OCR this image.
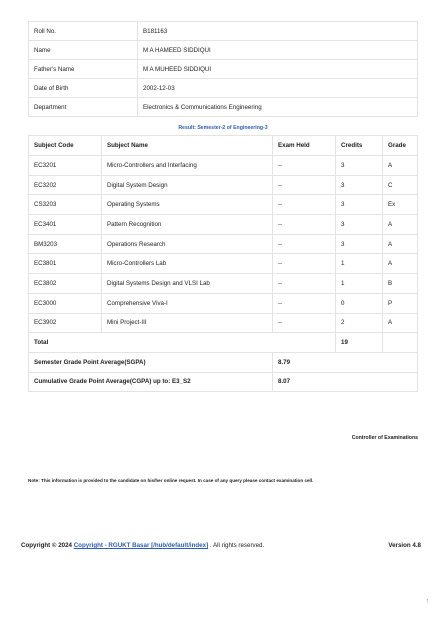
Roll No.	B181163
Name	M A HAMEED SIDDIQUI
Father's Name	M A MUHEED SIDDIQUI
Date of Birth	2002-12-03
Department	Electronics & Communications Engineering
Result: Semester-2 of Engineering-3
Subject Code	Subject Name	Exam Held	Credits	Grade
EC3201	Micro-Controllers and Interfacing	--	3	A
EC3202	Digital System Design	--	3	C
CS3203	Operating Systems	--	3	Ex
EC3401	Pattern Recognition	--	3	A
BM3203	Operations Research	--	3	A
EC3801	Micro-Controllers Lab	--	1	A
EC3802	Digital Systems Design and VLSI Lab	--	1	B
EC3000	Comprehensive Viva-I	--	0	P
EC3902	Mini Project-III	--	2	A
Total			19	
Semester Grade Point Average(SGPA)		8.79		
Cumulative Grade Point Average(CGPA) up to: E3_S2		8.07		
Controller of Examinations
Note: This information is provided to the candidate on his/her online request. In case of any query please contact examination cell.
Copyright © 2024 Copyright - RGUKT Basar [/hub/default/index] . All rights reserved.	Version 4.8
↑
